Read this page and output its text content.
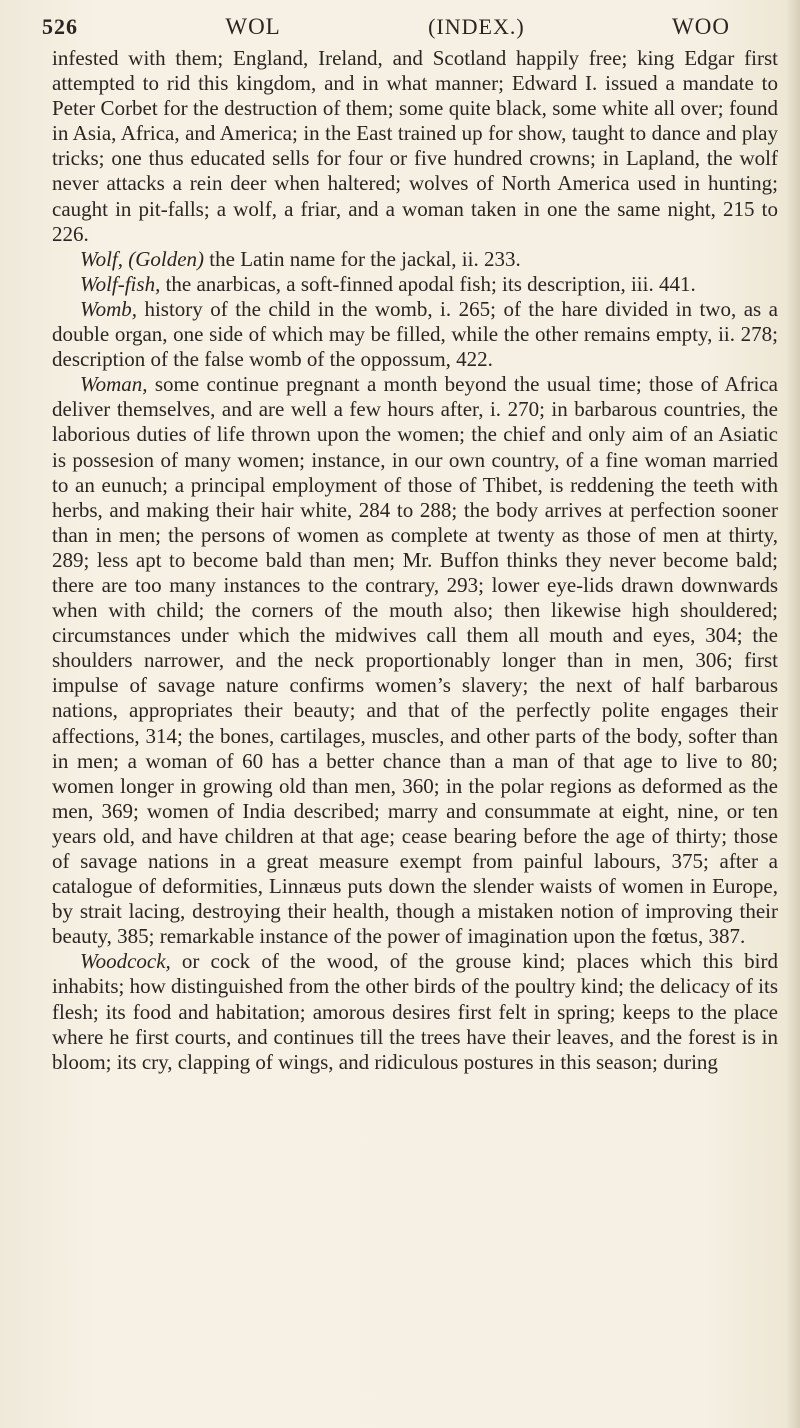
526	WOL	(INDEX.)	WOO

infested with them; England, Ireland, and Scotland happily free; king Edgar first attempted to rid this kingdom, and in what manner; Edward I. issued a mandate to Peter Corbet for the destruction of them; some quite black, some white all over; found in Asia, Africa, and America; in the East trained up for show, taught to dance and play tricks; one thus educated sells for four or five hundred crowns; in Lapland, the wolf never attacks a rein deer when haltered; wolves of North America used in hunting; caught in pit-falls; a wolf, a friar, and a woman taken in one the same night, 215 to 226.

Wolf, (Golden) the Latin name for the jackal, ii. 233.

Wolf-fish, the anarbicas, a soft-finned apodal fish; its description, iii. 441.

Womb, history of the child in the womb, i. 265; of the hare divided in two, as a double organ, one side of which may be filled, while the other remains empty, ii. 278; description of the false womb of the oppossum, 422.

Woman, some continue pregnant a month beyond the usual time; those of Africa deliver themselves, and are well a few hours after, i. 270; in barbarous countries, the laborious duties of life thrown upon the women; the chief and only aim of an Asiatic is possesion of many women; instance, in our own country, of a fine woman married to an eunuch; a principal employment of those of Thibet, is reddening the teeth with herbs, and making their hair white, 284 to 288; the body arrives at perfection sooner than in men; the persons of women as complete at twenty as those of men at thirty, 289; less apt to become bald than men; Mr. Buffon thinks they never become bald; there are too many instances to the contrary, 293; lower eye-lids drawn downwards when with child; the corners of the mouth also; then likewise high shouldered; circumstances under which the midwives call them all mouth and eyes, 304; the shoulders narrower, and the neck proportionably longer than in men, 306; first impulse of savage nature confirms women’s slavery; the next of half barbarous nations, appropriates their beauty; and that of the perfectly polite engages their affections, 314; the bones, cartilages, muscles, and other parts of the body, softer than in men; a woman of 60 has a better chance than a man of that age to live to 80; women longer in growing old than men, 360; in the polar regions as deformed as the men, 369; women of India described; marry and consummate at eight, nine, or ten years old, and have children at that age; cease bearing before the age of thirty; those of savage nations in a great measure exempt from painful labours, 375; after a catalogue of deformities, Linnæus puts down the slender waists of women in Europe, by strait lacing, destroying their health, though a mistaken notion of improving their beauty, 385; remarkable instance of the power of imagination upon the fœtus, 387.

Woodcock, or cock of the wood, of the grouse kind; places which this bird inhabits; how distinguished from the other birds of the poultry kind; the delicacy of its flesh; its food and habitation; amorous desires first felt in spring; keeps to the place where he first courts, and continues till the trees have their leaves, and the forest is in bloom; its cry, clapping of wings, and ridiculous postures in this season; during
